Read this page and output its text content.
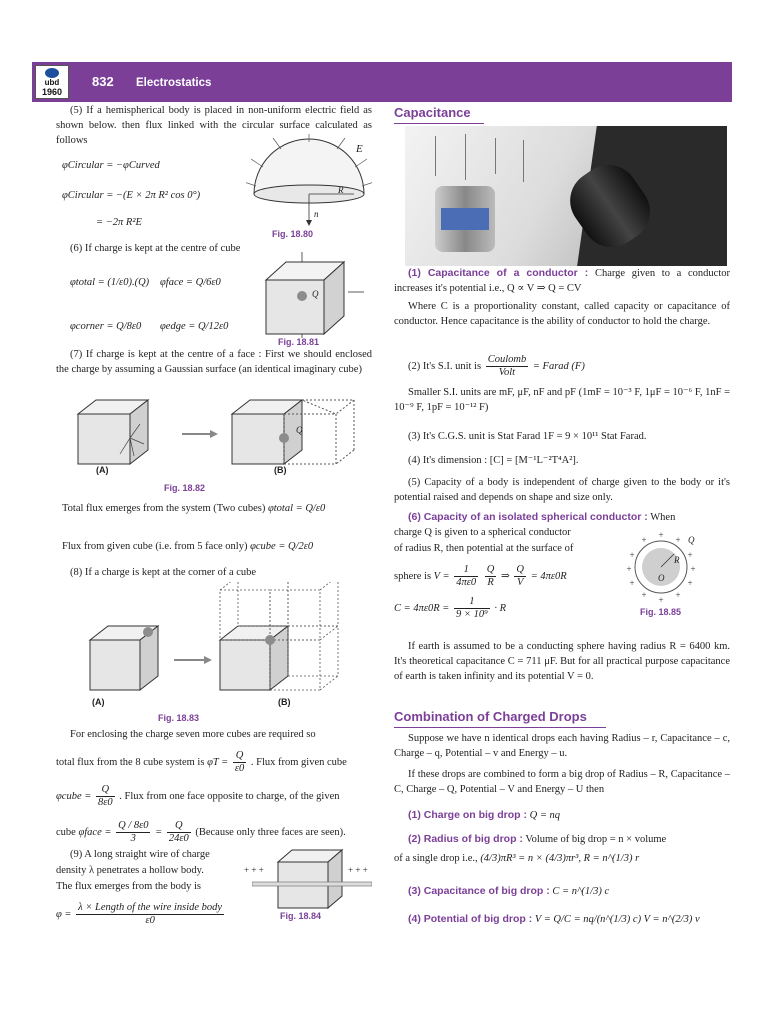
ubd
1960
832 Electrostatics

(5) If a hemispherical body is placed in non-uniform electric field as shown below. then flux linked with the circular surface calculated as follows

φCircular = −φCurved
φCircular = −(E × 2π R² cos 0°)
= −2π R²E
E
R
n
Fig. 18.80

(6) If charge is kept at the centre of cube

φtotal = (1/ε0).(Q) φface = Q/6ε0
φcorner = Q/8ε0 φedge = Q/12ε0
Q
Fig. 18.81

(7) If charge is kept at the centre of a face : First we should enclosed the charge by assuming a Gaussian surface (an identical imaginary cube)

Q
(A)	(B)
Fig. 18.82
Total flux emerges from the system (Two cubes) φtotal = Q/ε0
Flux from given cube (i.e. from 5 face only) φcube = Q/2ε0

(8) If a charge is kept at the corner of a cube

(A)	(B)
Fig. 18.83

For enclosing the charge seven more cubes are required so

total flux from the 8 cube system is $\varphi T = \frac{Q}{\varepsilon 0}$ . Flux from given cube
φcube = $\frac{Q}{8\varepsilon 0}$ . Flux from one face opposite to charge, of the given
cube φface = $\frac{Q / 8\varepsilon 0}{3} = \frac{Q}{24\varepsilon 0}$ (Because only three faces are seen).

(9) A long straight wire of charge

density λ penetrates a hollow body.

The flux emerges from the body is

$\varphi = \frac{\text{λ × Length of the wire inside body}}{\varepsilon 0}$
+ + +	+ + +
Fig. 18.84
Capacitance

(1) Capacitance of a conductor : Charge given to a conductor increases it's potential i.e., Q ∝ V ⇒ Q = CV

Where C is a proportionality constant, called capacity or capacitance of conductor. Hence capacitance is the ability of conductor to hold the charge.

(2) It's S.I. unit is $\frac{\text{Coulomb}}{\text{Volt}}$ = Farad (F)

Smaller S.I. units are mF, μF, nF and pF (1mF = 10⁻³ F, 1μF = 10⁻⁶ F, 1nF = 10⁻⁹ F, 1pF = 10⁻¹² F)

(3) It's C.G.S. unit is Stat Farad 1F = 9 × 10¹¹ Stat Farad.

(4) It's dimension : [C] = [M⁻¹L⁻²T⁴A²].

(5) Capacity of a body is independent of charge given to the body or it's potential raised and depends on shape and size only.

(6) Capacity of an isolated spherical conductor : When

charge Q is given to a spherical conductor

of radius R, then potential at the surface of

sphere is $V = \frac{1}{4\pi\varepsilon 0}$
$\frac{Q}{R}$ ⇒ $\frac{Q}{V} = 4\pi\varepsilon 0R$
$C = 4\pi\varepsilon 0R = \frac{1}{\text{9 × 10⁹}} \cdot R$
+
+	+
+	+
+	+
+	+
+	+
+
Q
R
O
Fig. 18.85

If earth is assumed to be a conducting sphere having radius R = 6400 km. It's theoretical capacitance C = 711 μF. But for all practical purpose capacitance of earth is taken infinity and its potential V = 0.

Combination of Charged Drops

Suppose we have n identical drops each having Radius – r, Capacitance – c, Charge – q, Potential – v and Energy – u.

If these drops are combined to form a big drop of Radius – R, Capacitance – C, Charge – Q, Potential – V and Energy – U then

(1) Charge on big drop : Q = nq
(2) Radius of big drop : Volume of big drop = n × volume
of a single drop i.e., (4/3)πR³ = n × (4/3)πr³, R = n^(1/3) r
(3) Capacitance of big drop : C = n^(1/3) c
(4) Potential of big drop : V = Q/C = nq/(n^(1/3) c) V = n^(2/3) v
